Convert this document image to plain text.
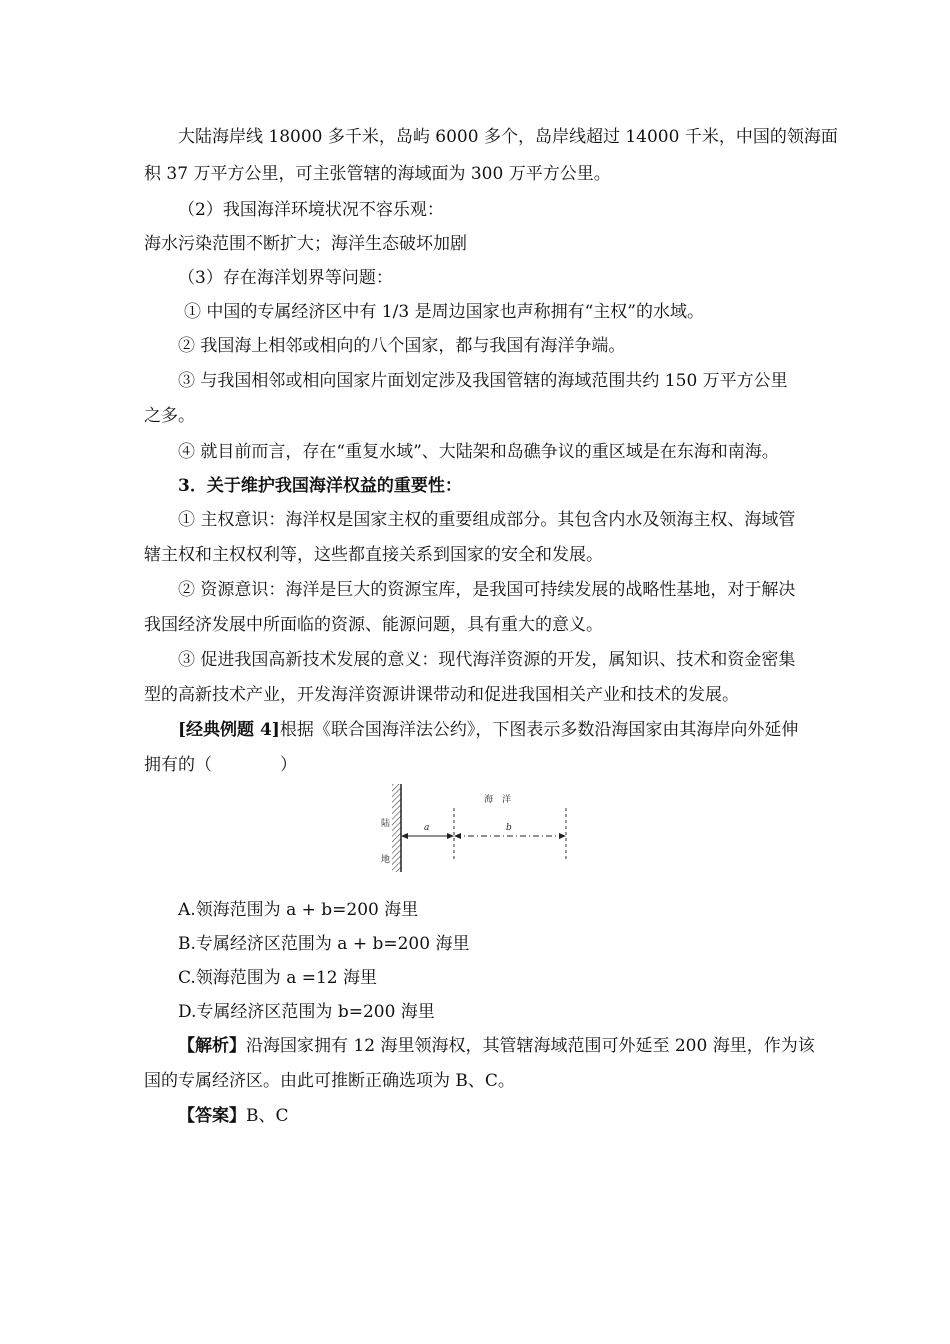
大陆海岸线 18000 多千米，岛屿 6000 多个，岛岸线超过 14000 千米，中国的领海面
积 37 万平方公里，可主张管辖的海域面为 300 万平方公里。
（2）我国海洋环境状况不容乐观：
海水污染范围不断扩大；海洋生态破坏加剧
（3）存在海洋划界等问题：
① 中国的专属经济区中有 1/3 是周边国家也声称拥有“主权”的水域。
② 我国海上相邻或相向的八个国家，都与我国有海洋争端。
③ 与我国相邻或相向国家片面划定涉及我国管辖的海域范围共约 150 万平方公里
之多。
④ 就目前而言，存在“重复水域”、大陆架和岛礁争议的重区域是在东海和南海。
3．关于维护我国海洋权益的重要性：
① 主权意识：海洋权是国家主权的重要组成部分。其包含内水及领海主权、海域管
辖主权和主权权利等，这些都直接关系到国家的安全和发展。
② 资源意识：海洋是巨大的资源宝库，是我国可持续发展的战略性基地，对于解决
我国经济发展中所面临的资源、能源问题，具有重大的意义。
③ 促进我国高新技术发展的意义：现代海洋资源的开发，属知识、技术和资金密集
型的高新技术产业，开发海洋资源讲课带动和促进我国相关产业和技术的发展。
[经典例题 4]根据《联合国海洋法公约》，下图表示多数沿海国家由其海岸向外延伸
拥有的（　　　　）
陆
地
海　洋
a	b
A.领海范围为 a + b=200 海里
B.专属经济区范围为 a + b=200 海里
C.领海范围为 a =12 海里
D.专属经济区范围为 b=200 海里
【解析】沿海国家拥有 12 海里领海权，其管辖海域范围可外延至 200 海里，作为该
国的专属经济区。由此可推断正确选项为 B、C。
【答案】B、C
